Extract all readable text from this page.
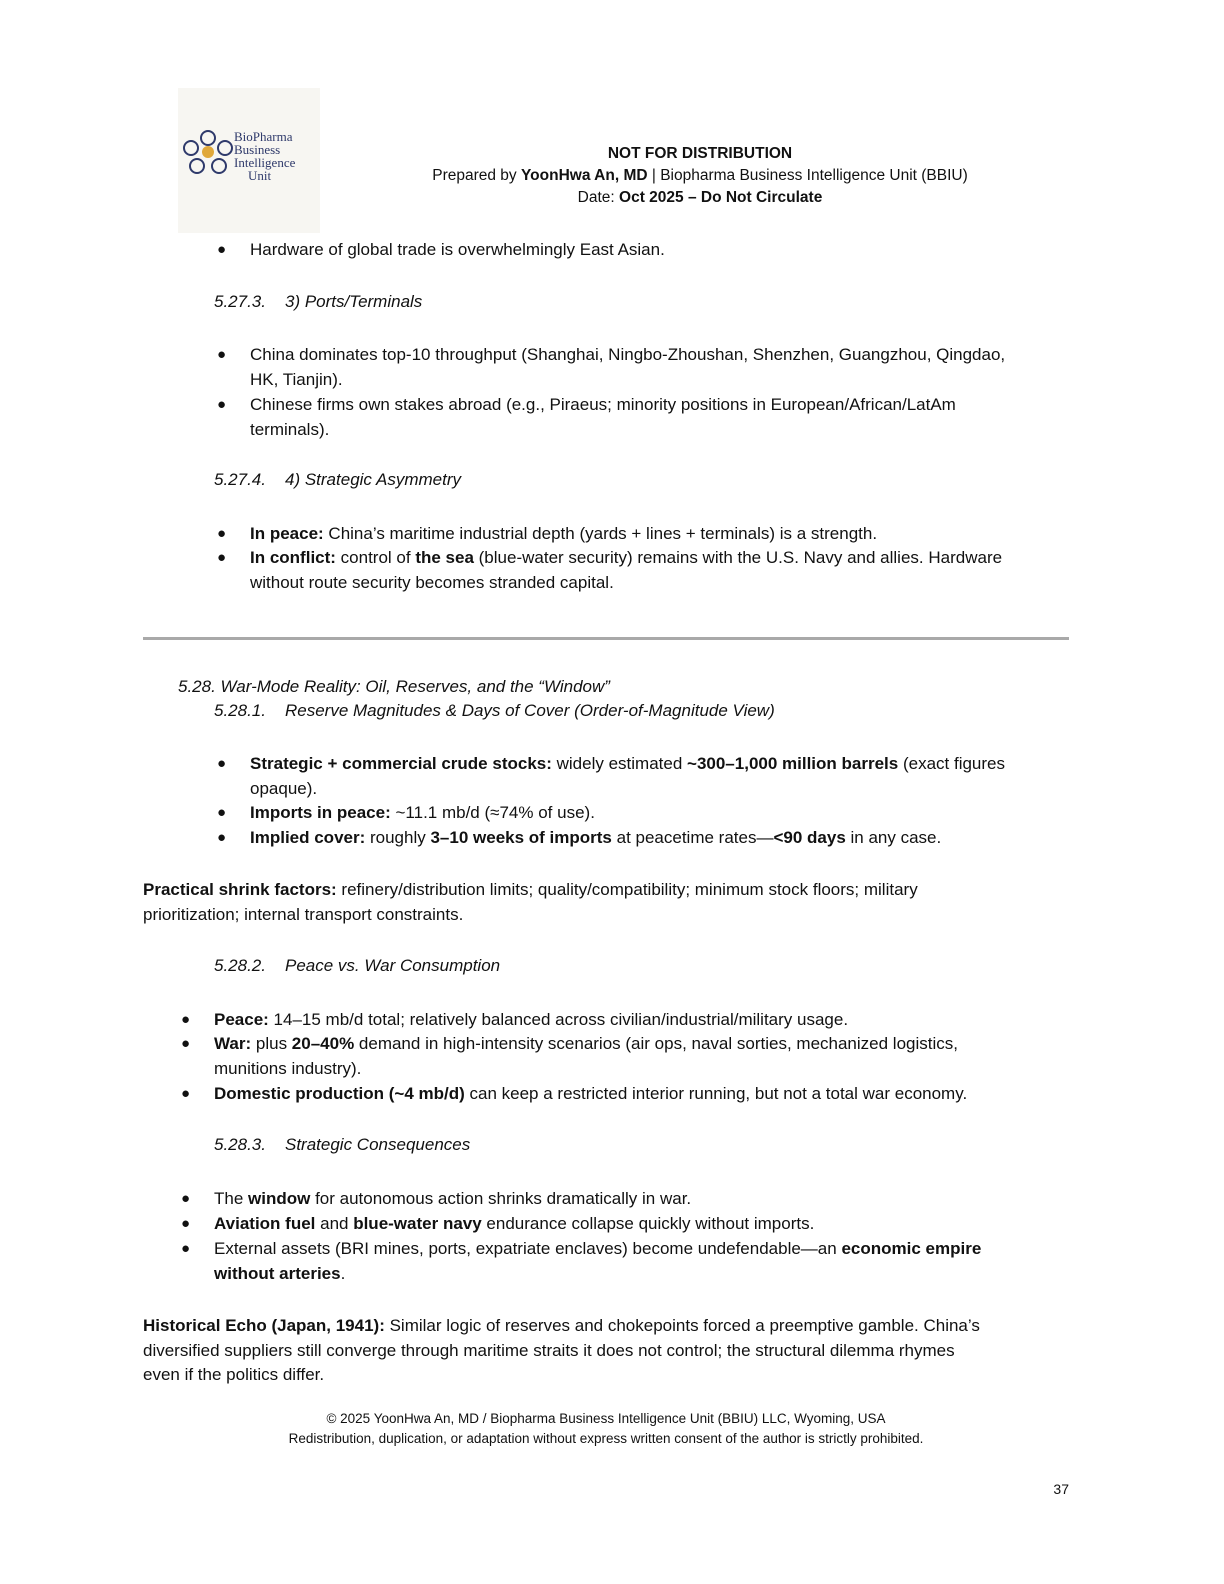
BioPharma
Business
Intelligence
Unit
NOT FOR DISTRIBUTION
Prepared by YoonHwa An, MD | Biopharma Business Intelligence Unit (BBIU)
Date: Oct 2025 – Do Not Circulate
● Hardware of global trade is overwhelmingly East Asian.
5.27.3. 3) Ports/Terminals
● China dominates top-10 throughput (Shanghai, Ningbo-Zhoushan, Shenzhen, Guangzhou, Qingdao,
HK, Tianjin).
● Chinese firms own stakes abroad (e.g., Piraeus; minority positions in European/African/LatAm
terminals).
5.27.4. 4) Strategic Asymmetry
● In peace: China’s maritime industrial depth (yards + lines + terminals) is a strength.
● In conflict: control of the sea (blue-water security) remains with the U.S. Navy and allies. Hardware
without route security becomes stranded capital.
5.28. War-Mode Reality: Oil, Reserves, and the “Window”
5.28.1. Reserve Magnitudes & Days of Cover (Order-of-Magnitude View)
● Strategic + commercial crude stocks: widely estimated ~300–1,000 million barrels (exact figures
opaque).
● Imports in peace: ~11.1 mb/d (≈74% of use).
● Implied cover: roughly 3–10 weeks of imports at peacetime rates—<90 days in any case.
Practical shrink factors: refinery/distribution limits; quality/compatibility; minimum stock floors; military
prioritization; internal transport constraints.
5.28.2. Peace vs. War Consumption
● Peace: 14–15 mb/d total; relatively balanced across civilian/industrial/military usage.
● War: plus 20–40% demand in high-intensity scenarios (air ops, naval sorties, mechanized logistics,
munitions industry).
● Domestic production (~4 mb/d) can keep a restricted interior running, but not a total war economy.
5.28.3. Strategic Consequences
● The window for autonomous action shrinks dramatically in war.
● Aviation fuel and blue-water navy endurance collapse quickly without imports.
● External assets (BRI mines, ports, expatriate enclaves) become undefendable—an economic empire
without arteries.
Historical Echo (Japan, 1941): Similar logic of reserves and chokepoints forced a preemptive gamble. China’s
diversified suppliers still converge through maritime straits it does not control; the structural dilemma rhymes
even if the politics differ.
© 2025 YoonHwa An, MD / Biopharma Business Intelligence Unit (BBIU) LLC, Wyoming, USA
Redistribution, duplication, or adaptation without express written consent of the author is strictly prohibited.
37
